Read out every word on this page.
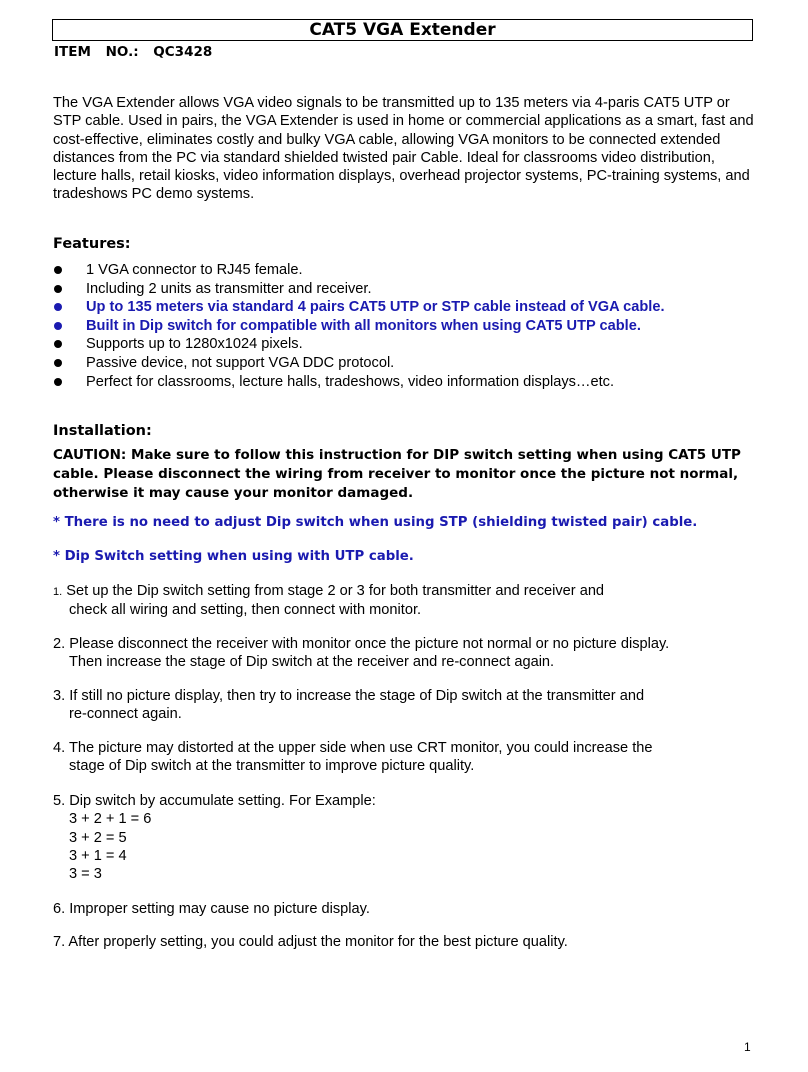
CAT5 VGA Extender
ITEM NO.: QC3428

The VGA Extender allows VGA video signals to be transmitted up to 135 meters via 4-paris CAT5 UTP or STP cable. Used in pairs, the VGA Extender is used in home or commercial applications as a smart, fast and cost-effective, eliminates costly and bulky VGA cable, allowing VGA monitors to be connected extended distances from the PC via standard shielded twisted pair Cable. Ideal for classrooms video distribution, lecture halls, retail kiosks, video information displays, overhead projector systems, PC-training systems, and tradeshows PC demo systems.

Features:

1 VGA connector to RJ45 female.
Including 2 units as transmitter and receiver.
Up to 135 meters via standard 4 pairs CAT5 UTP or STP cable instead of VGA cable.
Built in Dip switch for compatible with all monitors when using CAT5 UTP cable.
Supports up to 1280x1024 pixels.
Passive device, not support VGA DDC protocol.
Perfect for classrooms, lecture halls, tradeshows, video information displays…etc.

Installation:

CAUTION: Make sure to follow this instruction for DIP switch setting when using CAT5 UTP cable. Please disconnect the wiring from receiver to monitor once the picture not normal, otherwise it may cause your monitor damaged.

* There is no need to adjust Dip switch when using STP (shielding twisted pair) cable.

* Dip Switch setting when using with UTP cable.

1. Set up the Dip switch setting from stage 2 or 3 for both transmitter and receiver and
check all wiring and setting, then connect with monitor.

2. Please disconnect the receiver with monitor once the picture not normal or no picture display.
Then increase the stage of Dip switch at the receiver and re-connect again.

3. If still no picture display, then try to increase the stage of Dip switch at the transmitter and
re-connect again.

4. The picture may distorted at the upper side when use CRT monitor, you could increase the
stage of Dip switch at the transmitter to improve picture quality.

5. Dip switch by accumulate setting. For Example:
3 + 2 + 1 = 6
3 + 2 = 5
3 + 1 = 4
3 = 3

6. Improper setting may cause no picture display.

7. After properly setting, you could adjust the monitor for the best picture quality.

1
